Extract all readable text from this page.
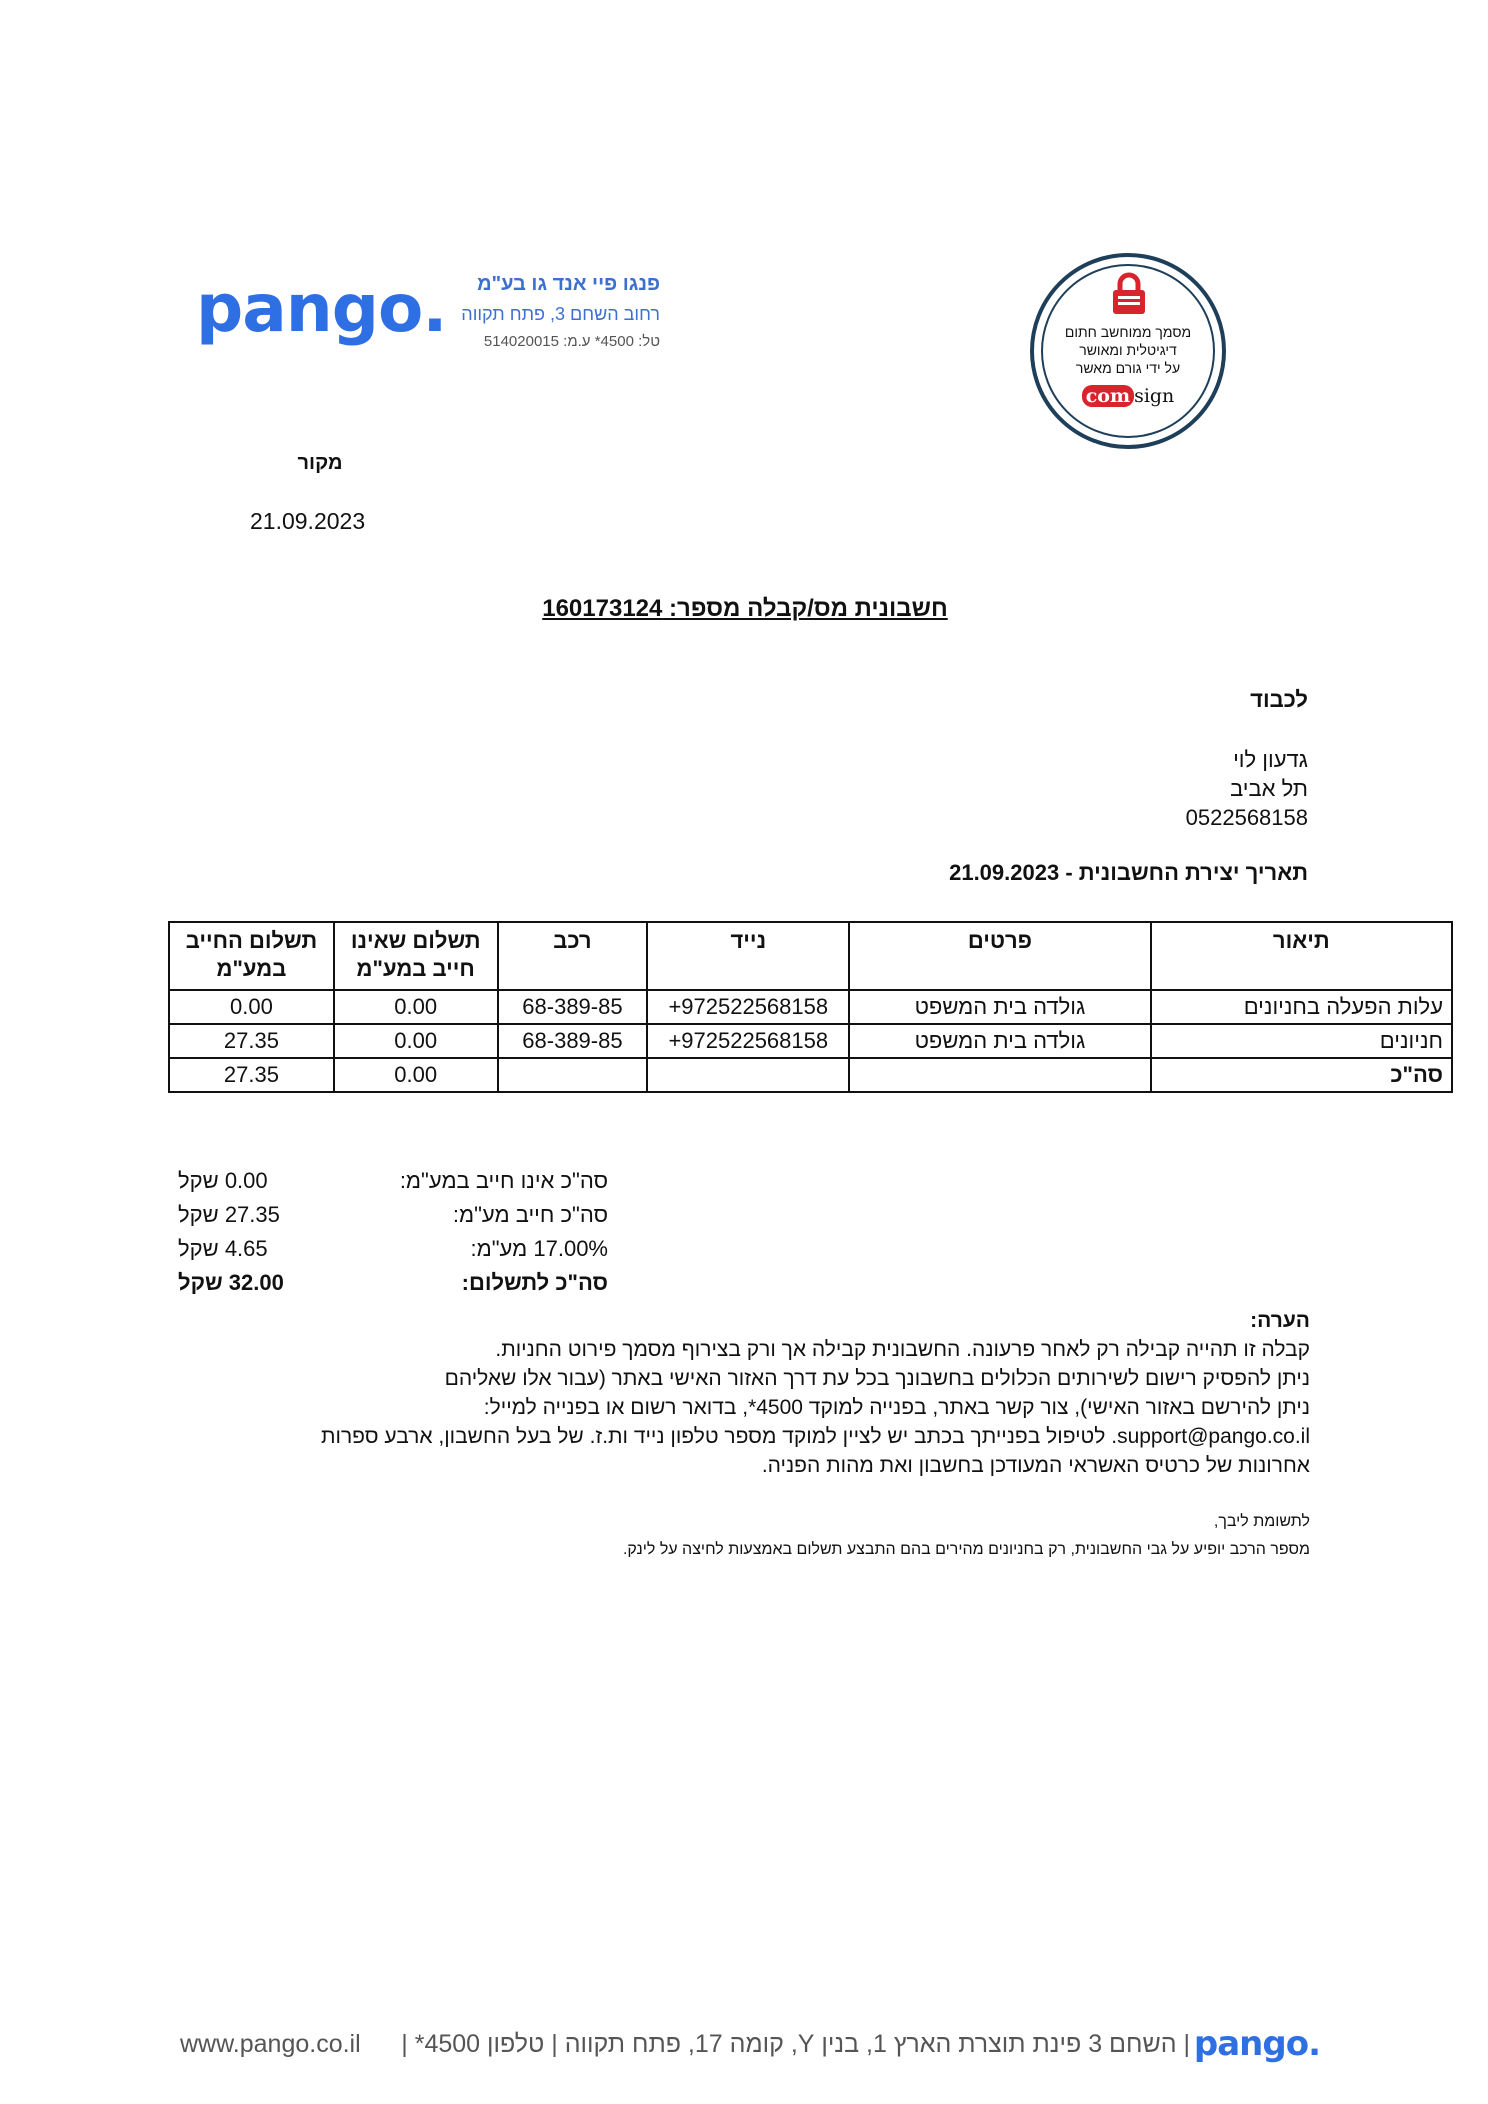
pango.	פנגו פיי אנד גו בע"מ
רחוב השחם 3, פתח תקווה
טל: 4500* ע.מ: 514020015
מסמך ממוחשב חתום
דיגיטלית ומאושר
על ידי גורם מאשר
com sign
מקור
21.09.2023
חשבונית מס/קבלה מספר: 160173124
לכבוד
גדעון לוי
תל אביב
0522568158
תאריך יצירת החשבונית - 21.09.2023
תיאור	פרטים	נייד	רכב	תשלום שאינו חייב במע"מ	תשלום החייב במע"מ
עלות הפעלה בחניונים	גולדה בית המשפט	+972522568158	68-389-85	0.00	0.00
חניונים	גולדה בית המשפט	+972522568158	68-389-85	0.00	27.35
סה"כ				0.00	27.35
0.00 שקל	סה"כ אינו חייב במע"מ:
27.35 שקל	סה"כ חייב מע"מ:
4.65 שקל	17.00% מע"מ:
32.00 שקל	סה"כ לתשלום:
הערה:
קבלה זו תהייה קבילה רק לאחר פרעונה. החשבונית קבילה אך ורק בצירוף מסמך פירוט החניות.
ניתן להפסיק רישום לשירותים הכלולים בחשבונך בכל עת דרך האזור האישי באתר (עבור אלו שאליהם
ניתן להירשם באזור האישי), צור קשר באתר, בפנייה למוקד 4500*, בדואר רשום או בפנייה למייל:
support@pango.co.il. לטיפול בפנייתך בכתב יש לציין למוקד מספר טלפון נייד ות.ז. של בעל החשבון, ארבע ספרות
אחרונות של כרטיס האשראי המעודכן בחשבון ואת מהות הפניה.
לתשומת ליבך,
מספר הרכב יופיע על גבי החשבונית, רק בחניונים מהירים בהם התבצע תשלום באמצעות לחיצה על לינק.
pango.
| השחם 3 פינת תוצרת הארץ 1, בנין Y, קומה 17, פתח תקווה | טלפון 4500* |
www.pango.co.il
